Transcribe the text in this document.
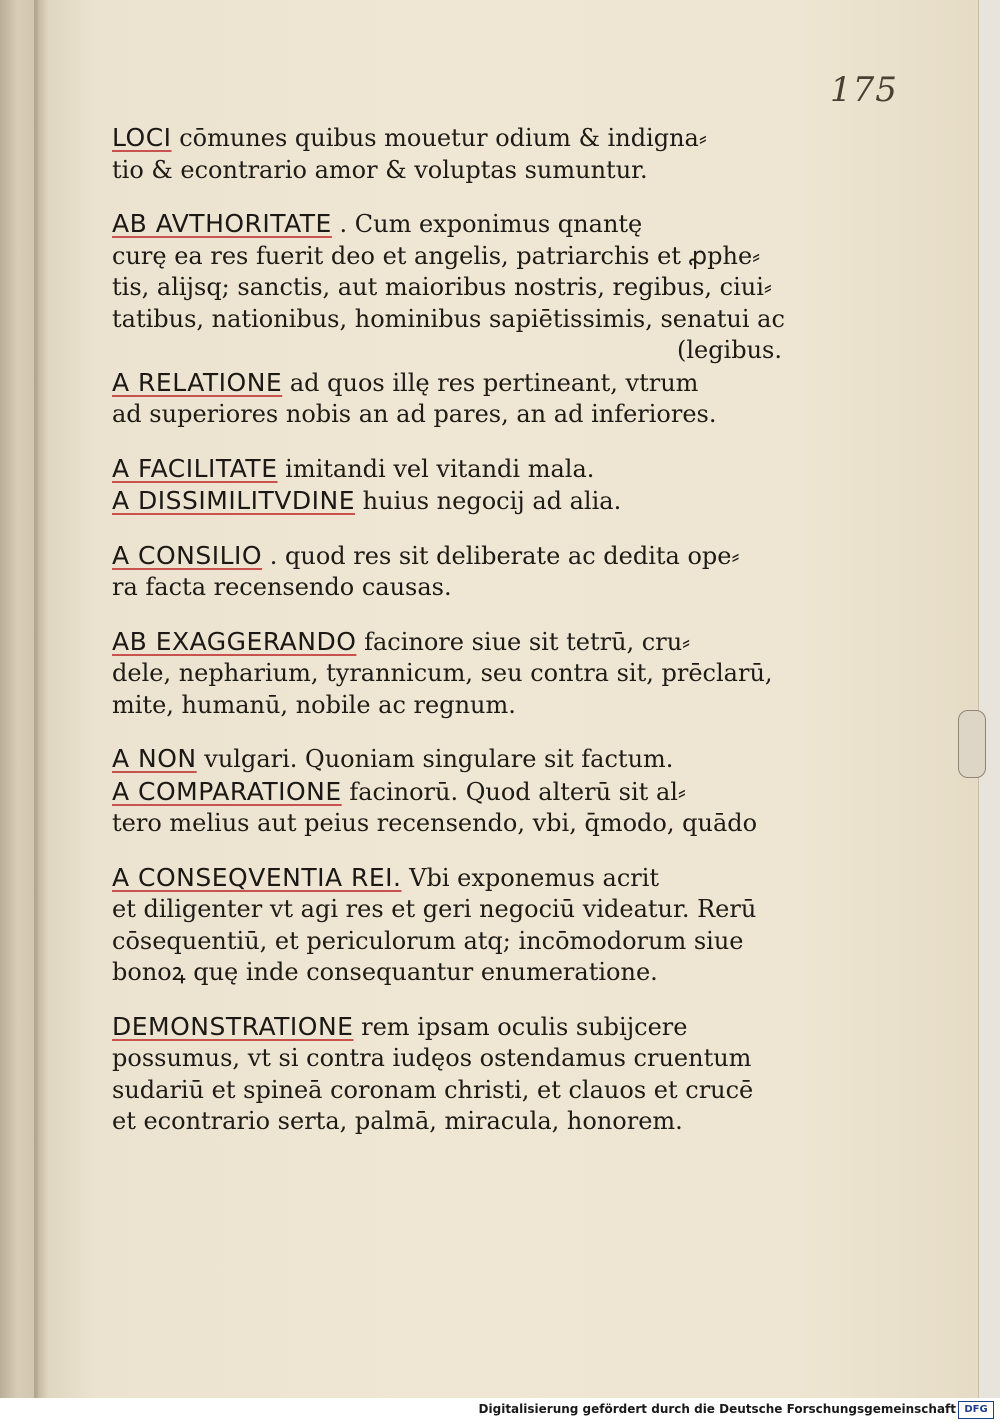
175

LOCI cōmunes quibus mouetur odium & indigna⸗
tio & econtrario amor & voluptas sumuntur.

AB AVTHORITATE . Cum exponimus qnantę
curę ea res fuerit deo et angelis, patriarchis et ꝓphe⸗
tis, alijsq; sanctis, aut maioribus nostris, regibus, ciui⸗
tatibus, nationibus, hominibus sapiētissimis, senatui ac
(legibus.

A RELATIONE ad quos illę res pertineant, vtrum
ad superiores nobis an ad pares, an ad inferiores.

A FACILITATE imitandi vel vitandi mala.

A DISSIMILITVDINE huius negocij ad alia.

A CONSILIO . quod res sit deliberate ac dedita ope⸗
ra facta recensendo causas.

AB EXAGGERANDO facinore siue sit tetrū, cru⸗
dele, nepharium, tyrannicum, seu contra sit, prēclarū,
mite, humanū, nobile ac regnum.

A NON vulgari. Quoniam singulare sit factum.

A COMPARATIONE facinorū. Quod alterū sit al⸗
tero melius aut peius recensendo, vbi, q̄modo, quādo

A CONSEQVENTIA REI. Vbi exponemus acrit
et diligenter vt agi res et geri negociū videatur. Rerū
cōsequentiū, et periculorum atq; incōmodorum siue
bonoꝝ quę inde consequantur enumeratione.

DEMONSTRATIONE rem ipsam oculis subijcere
possumus, vt si contra iudęos ostendamus cruentum
sudariū et spineā coronam christi, et clauos et crucē
et econtrario serta, palmā, miracula, honorem.

Digitalisierung gefördert durch die Deutsche Forschungsgemeinschaft DFG
